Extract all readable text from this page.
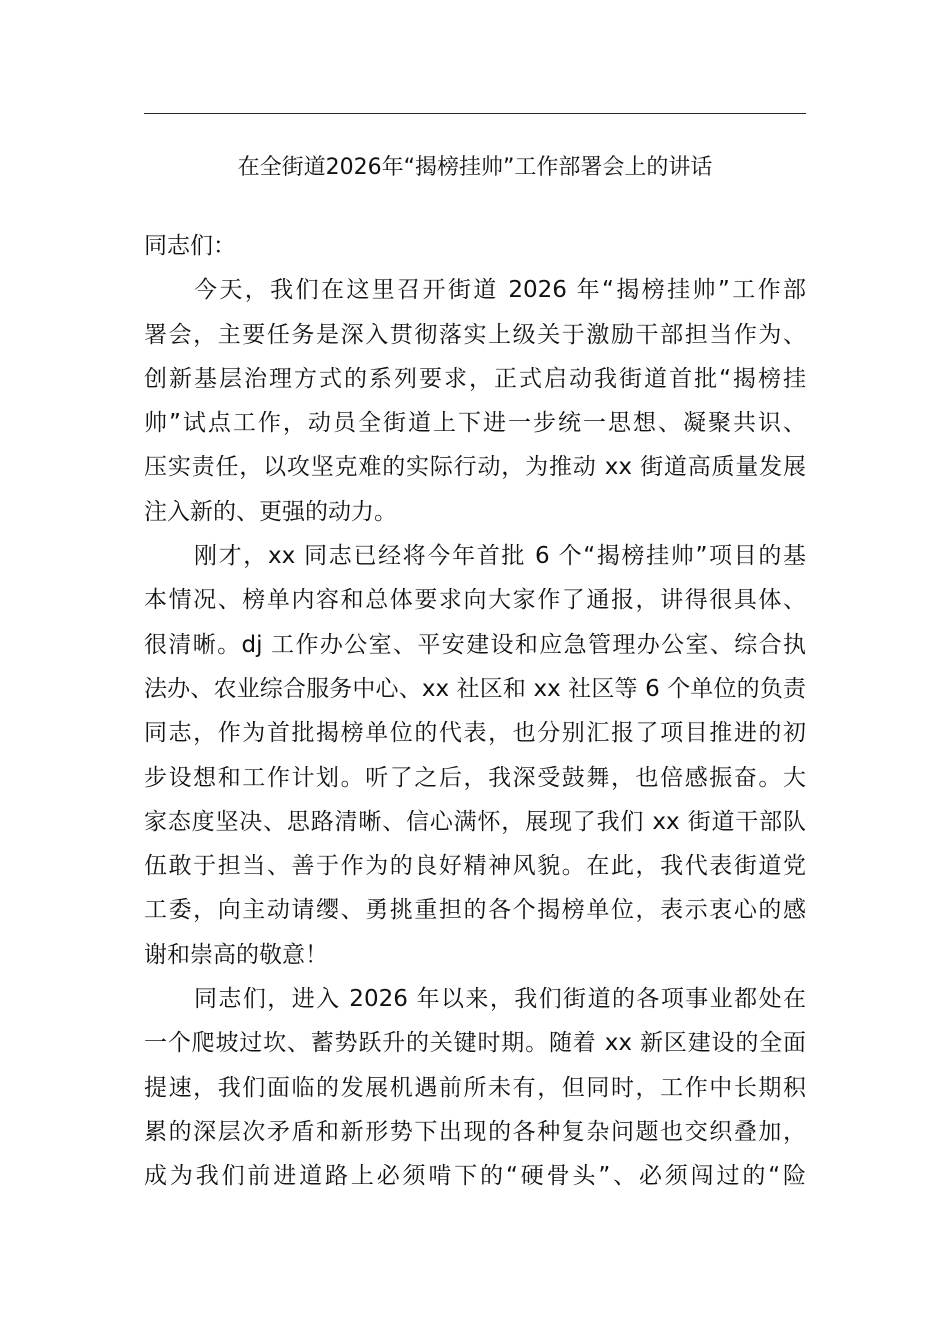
在全街道2026年“揭榜挂帅”工作部署会上的讲话
同志们：
今天，我们在这里召开街道 2026 年“揭榜挂帅”工作部
署会，主要任务是深入贯彻落实上级关于激励干部担当作为、
创新基层治理方式的系列要求，正式启动我街道首批“揭榜挂
帅”试点工作，动员全街道上下进一步统一思想、凝聚共识、
压实责任，以攻坚克难的实际行动，为推动 xx 街道高质量发展
注入新的、更强的动力。
刚才，xx 同志已经将今年首批 6 个“揭榜挂帅”项目的基
本情况、榜单内容和总体要求向大家作了通报，讲得很具体、
很清晰。dj 工作办公室、平安建设和应急管理办公室、综合执
法办、农业综合服务中心、xx 社区和 xx 社区等 6 个单位的负责
同志，作为首批揭榜单位的代表，也分别汇报了项目推进的初
步设想和工作计划。听了之后，我深受鼓舞，也倍感振奋。大
家态度坚决、思路清晰、信心满怀，展现了我们 xx 街道干部队
伍敢于担当、善于作为的良好精神风貌。在此，我代表街道党
工委，向主动请缨、勇挑重担的各个揭榜单位，表示衷心的感
谢和崇高的敬意！
同志们，进入 2026 年以来，我们街道的各项事业都处在
一个爬坡过坎、蓄势跃升的关键时期。随着 xx 新区建设的全面
提速，我们面临的发展机遇前所未有，但同时，工作中长期积
累的深层次矛盾和新形势下出现的各种复杂问题也交织叠加，
成为我们前进道路上必须啃下的“硬骨头”、必须闯过的“险
